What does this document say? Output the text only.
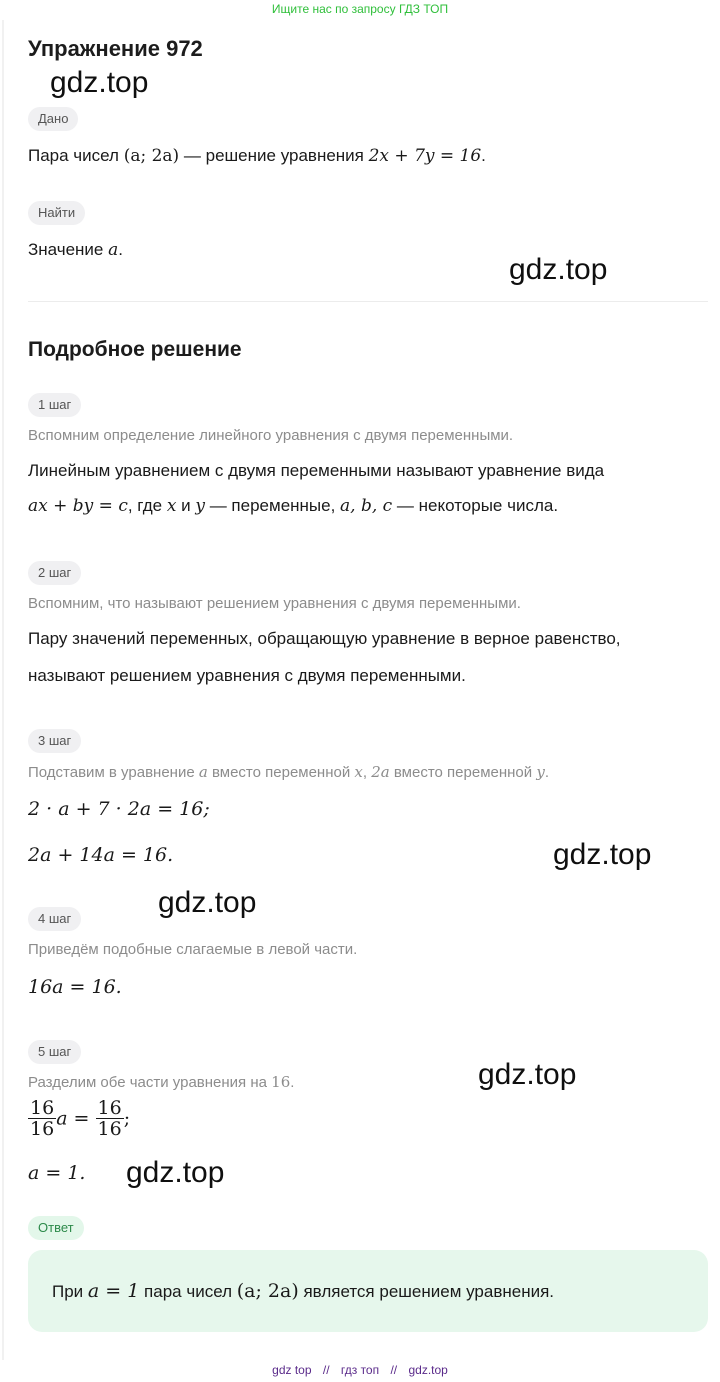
Ищите нас по запросу ГДЗ ТОП
Упражнение 972
gdz.top
Дано
Пара чисел (a; 2a) — решение уравнения 2x + 7y = 16.
Найти
Значение a.
gdz.top
Подробное решение
1 шаг
Вспомним определение линейного уравнения с двумя переменными.
Линейным уравнением с двумя переменными называют уравнение вида
ax + by = c, где x и y — переменные, a, b, c — некоторые числа.
2 шаг
Вспомним, что называют решением уравнения с двумя переменными.
Пару значений переменных, обращающую уравнение в верное равенство,
называют решением уравнения с двумя переменными.
3 шаг
Подставим в уравнение a вместо переменной x, 2a вместо переменной y.
2 · a + 7 · 2a = 16;
2a + 14a = 16.	gdz.top
gdz.top
4 шаг
Приведём подобные слагаемые в левой части.
16a = 16.
5 шаг
Разделим обе части уравнения на 16.	gdz.top
$\frac{16}{16}$ $a = \frac{16}{16}$ ;
a = 1. gdz.top
Ответ
При a = 1 пара чисел (a; 2a) является решением уравнения.
gdz top // гдз топ // gdz.top
